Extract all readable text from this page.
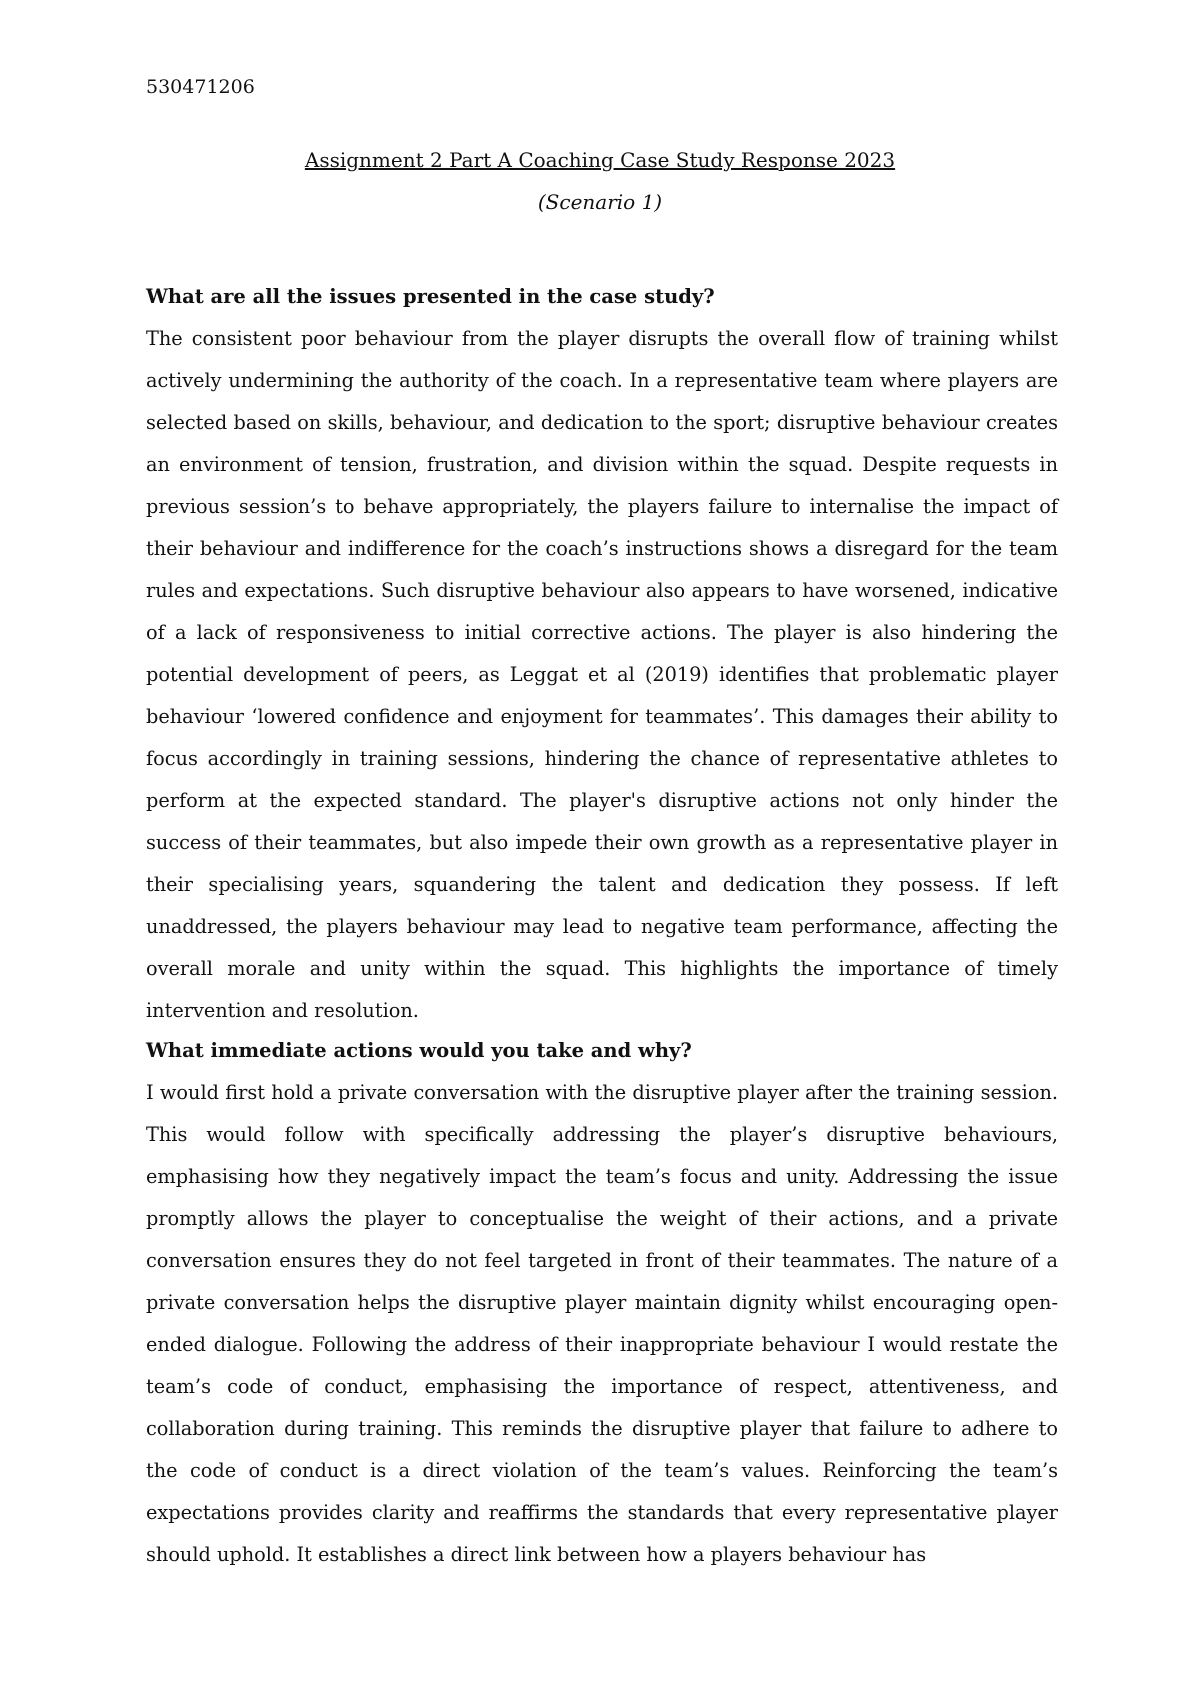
530471206
Assignment 2 Part A Coaching Case Study Response 2023
(Scenario 1)
What are all the issues presented in the case study?

The consistent poor behaviour from the player disrupts the overall flow of training whilst actively undermining the authority of the coach. In a representative team where players are selected based on skills, behaviour, and dedication to the sport; disruptive behaviour creates an environment of tension, frustration, and division within the squad. Despite requests in previous session’s to behave appropriately, the players failure to internalise the impact of their behaviour and indifference for the coach’s instructions shows a disregard for the team rules and expectations. Such disruptive behaviour also appears to have worsened, indicative of a lack of responsiveness to initial corrective actions. The player is also hindering the potential development of peers, as Leggat et al (2019) identifies that problematic player behaviour ‘lowered confidence and enjoyment for teammates’. This damages their ability to focus accordingly in training sessions, hindering the chance of representative athletes to perform at the expected standard. The player's disruptive actions not only hinder the success of their teammates, but also impede their own growth as a representative player in their specialising years, squandering the talent and dedication they possess. If left unaddressed, the players behaviour may lead to negative team performance, affecting the overall morale and unity within the squad. This highlights the importance of timely intervention and resolution.

What immediate actions would you take and why?

I would first hold a private conversation with the disruptive player after the training session. This would follow with specifically addressing the player’s disruptive behaviours, emphasising how they negatively impact the team’s focus and unity. Addressing the issue promptly allows the player to conceptualise the weight of their actions, and a private conversation ensures they do not feel targeted in front of their teammates. The nature of a private conversation helps the disruptive player maintain dignity whilst encouraging open-ended dialogue. Following the address of their inappropriate behaviour I would restate the team’s code of conduct, emphasising the importance of respect, attentiveness, and collaboration during training. This reminds the disruptive player that failure to adhere to the code of conduct is a direct violation of the team’s values. Reinforcing the team’s expectations provides clarity and reaffirms the standards that every representative player should uphold. It establishes a direct link between how a players behaviour has
